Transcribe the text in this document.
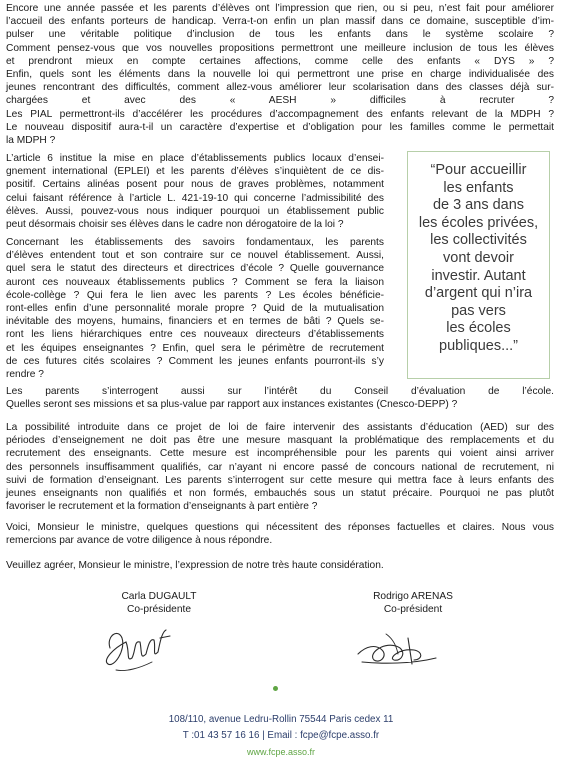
Encore une année passée et les parents d’élèves ont l’impression que rien, ou si peu, n’est fait pour améliorer
l’accueil des enfants porteurs de handicap. Verra-t-on enfin un plan massif dans ce domaine, susceptible d’im-
pulser une véritable politique d’inclusion de tous les enfants dans le système scolaire ?
Comment pensez-vous que vos nouvelles propositions permettront une meilleure inclusion de tous les élèves
et prendront mieux en compte certaines affections, comme celle des enfants « DYS » ?
Enfin, quels sont les éléments dans la nouvelle loi qui permettront une prise en charge individualisée des
jeunes rencontrant des difficultés, comment allez-vous améliorer leur scolarisation dans des classes déjà sur-
chargées et avec des « AESH » difficiles à recruter ?
Les PIAL permettront-ils d’accélérer les procédures d’accompagnement des enfants relevant de la MDPH ?
Le nouveau dispositif aura-t-il un caractère d’expertise et d’obligation pour les familles comme le permettait
la MDPH ?

L’article 6 institue la mise en place d’établissements publics locaux d’ensei-
gnement international (EPLEI) et les parents d’élèves s’inquiètent de ce dis-
positif. Certains alinéas posent pour nous de graves problèmes, notamment
celui faisant référence à l’article L. 421-19-10 qui concerne l’admissibilité des
élèves. Aussi, pouvez-vous nous indiquer pourquoi un établissement public
peut désormais choisir ses élèves dans le cadre non dérogatoire de la loi ?

Concernant les établissements des savoirs fondamentaux, les parents
d’élèves entendent tout et son contraire sur ce nouvel établissement. Aussi,
quel sera le statut des directeurs et directrices d’école ? Quelle gouvernance
auront ces nouveaux établissements publics ? Comment se fera la liaison
école-collège ? Qui fera le lien avec les parents ? Les écoles bénéficie-
ront-elles enfin d’une personnalité morale propre ? Quid de la mutualisation
inévitable des moyens, humains, financiers et en termes de bâti ? Quels se-
ront les liens hiérarchiques entre ces nouveaux directeurs d’établissements
et les équipes enseignantes ? Enfin, quel sera le périmètre de recrutement
de ces futures cités scolaires ? Comment les jeunes enfants pourront-ils s’y
rendre ?

“Pour accueillir
les enfants
de 3 ans dans
les écoles privées,
les collectivités
vont devoir
investir. Autant
d’argent qui n’ira
pas vers
les écoles
publiques...”

Les parents s’interrogent aussi sur l’intérêt du Conseil d’évaluation de l’école.
Quelles seront ses missions et sa plus-value par rapport aux instances existantes (Cnesco-DEPP) ?

La possibilité introduite dans ce projet de loi de faire intervenir des assistants d’éducation (AED) sur des
périodes d’enseignement ne doit pas être une mesure masquant la problématique des remplacements et du
recrutement des enseignants. Cette mesure est incompréhensible pour les parents qui voient ainsi arriver
des personnels insuffisamment qualifiés, car n’ayant ni encore passé de concours national de recrutement, ni
suivi de formation d’enseignant. Les parents s’interrogent sur cette mesure qui mettra face à leurs enfants des
jeunes enseignants non qualifiés et non formés, embauchés sous un statut précaire. Pourquoi ne pas plutôt
favoriser le recrutement et la formation d’enseignants à part entière ?

Voici, Monsieur le ministre, quelques questions qui nécessitent des réponses factuelles et claires. Nous vous
remercions par avance de votre diligence à nous répondre.

Veuillez agréer, Monsieur le ministre, l’expression de notre très haute considération.

Carla DUGAULT
Co-présidente
Rodrigo ARENAS
Co-président
108/110, avenue Ledru-Rollin 75544 Paris cedex 11
T :01 43 57 16 16 | Email : fcpe@fcpe.asso.fr
www.fcpe.asso.fr
